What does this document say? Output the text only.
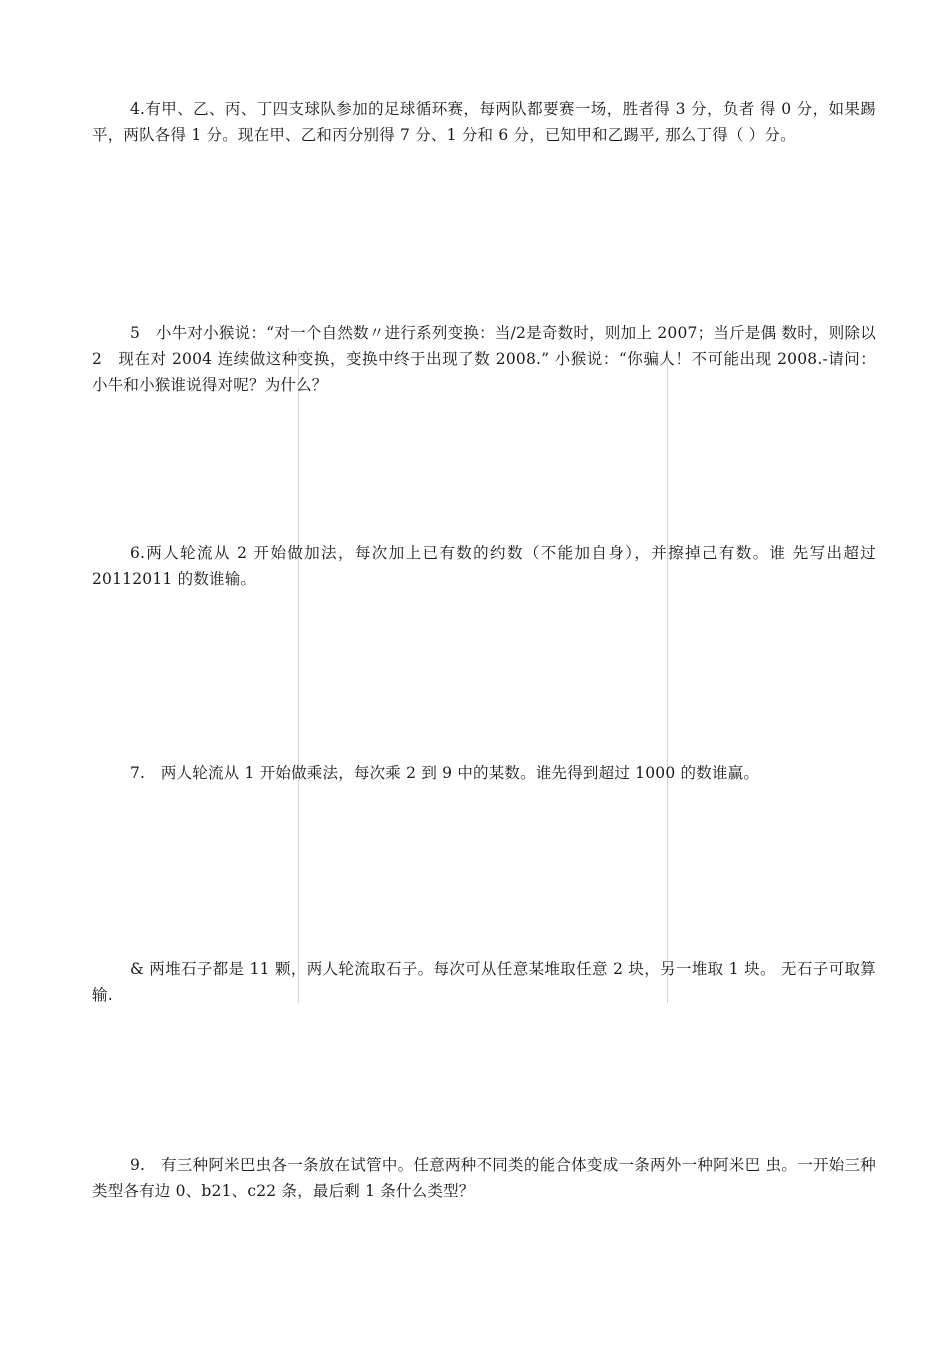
4.有甲、乙、丙、丁四支球队参加的足球循环赛，每两队都要赛一场，胜者得 3 分，负者 得 0 分，如果踢平，两队各得 1 分。现在甲、乙和丙分别得 7 分、1 分和 6 分，已知甲和乙踢平, 那么丁得（ ）分。

5　小牛对小猴说：“对一个自然数〃进行系列变换：当/2是奇数时，则加上 2007；当斤是偶 数时，则除以 2　现在对 2004 连续做这种变换，变换中终于出现了数 2008.” 小猴说：“你骗人！不可能出现 2008.-请问：小牛和小猴谁说得对呢？为什么？

6.两人轮流从 2 开始做加法，每次加上已有数的约数（不能加自身），并擦掉己有数。谁 先写出超过 20112011 的数谁输。

7.　两人轮流从 1 开始做乘法，每次乘 2 到 9 中的某数。谁先得到超过 1000 的数谁赢。

& 两堆石子都是 11 颗，两人轮流取石子。每次可从任意某堆取任意 2 块，另一堆取 1 块。 无石子可取算输.

9.　有三种阿米巴虫各一条放在试管中。任意两种不同类的能合体变成一条两外一种阿米巴 虫。一开始三种类型各有边 0、b21、c22 条，最后剩 1 条什么类型？
